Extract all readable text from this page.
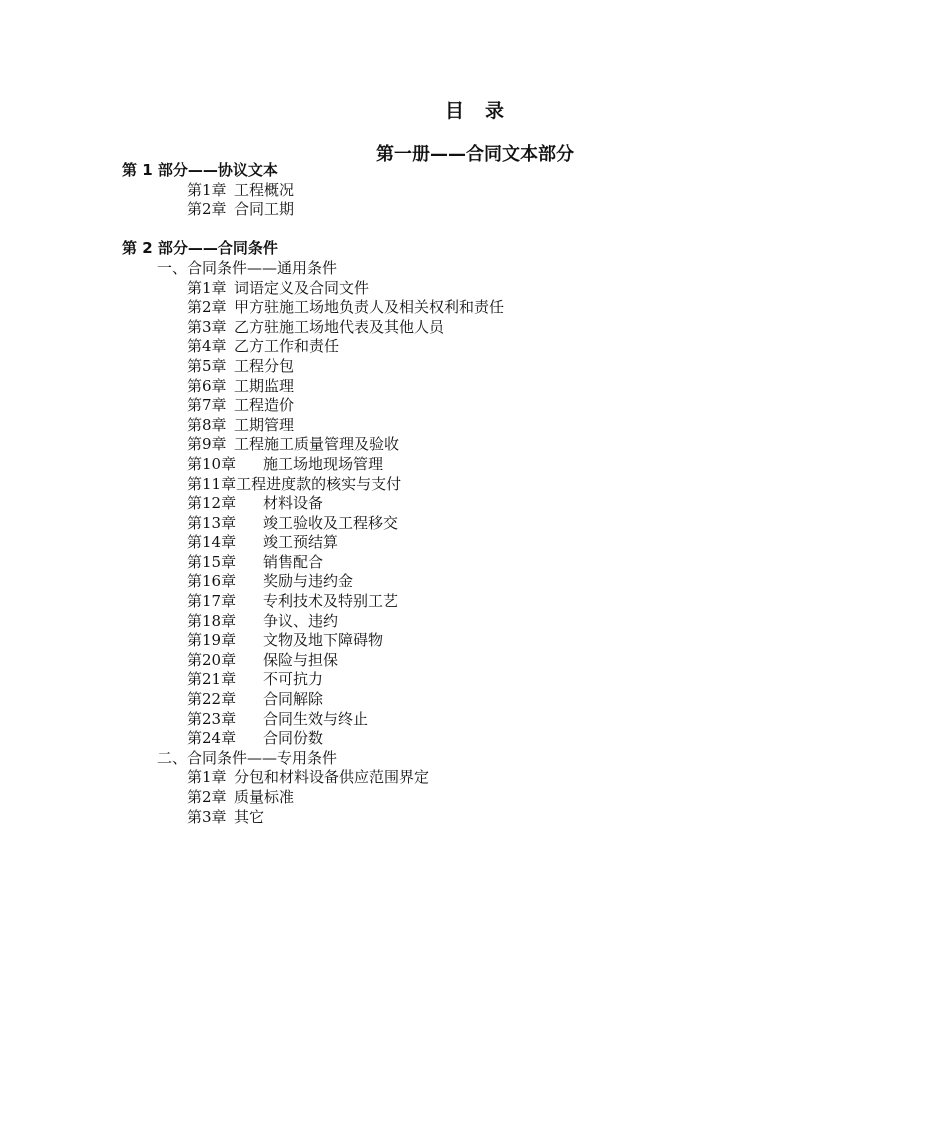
目　录
第一册——合同文本部分
第 1 部分——协议文本
第1章 工程概况
第2章 合同工期
第 2 部分——合同条件
一、合同条件——通用条件
第1章 词语定义及合同文件
第2章 甲方驻施工场地负责人及相关权利和责任
第3章 乙方驻施工场地代表及其他人员
第4章 乙方工作和责任
第5章 工程分包
第6章 工期监理
第7章 工程造价
第8章 工期管理
第9章 工程施工质量管理及验收
第10章 施工场地现场管理
第11章工程进度款的核实与支付
第12章 材料设备
第13章 竣工验收及工程移交
第14章 竣工预结算
第15章 销售配合
第16章 奖励与违约金
第17章 专利技术及特别工艺
第18章 争议、违约
第19章 文物及地下障碍物
第20章 保险与担保
第21章 不可抗力
第22章 合同解除
第23章 合同生效与终止
第24章 合同份数
二、合同条件——专用条件
第1章 分包和材料设备供应范围界定
第2章 质量标准
第3章 其它
